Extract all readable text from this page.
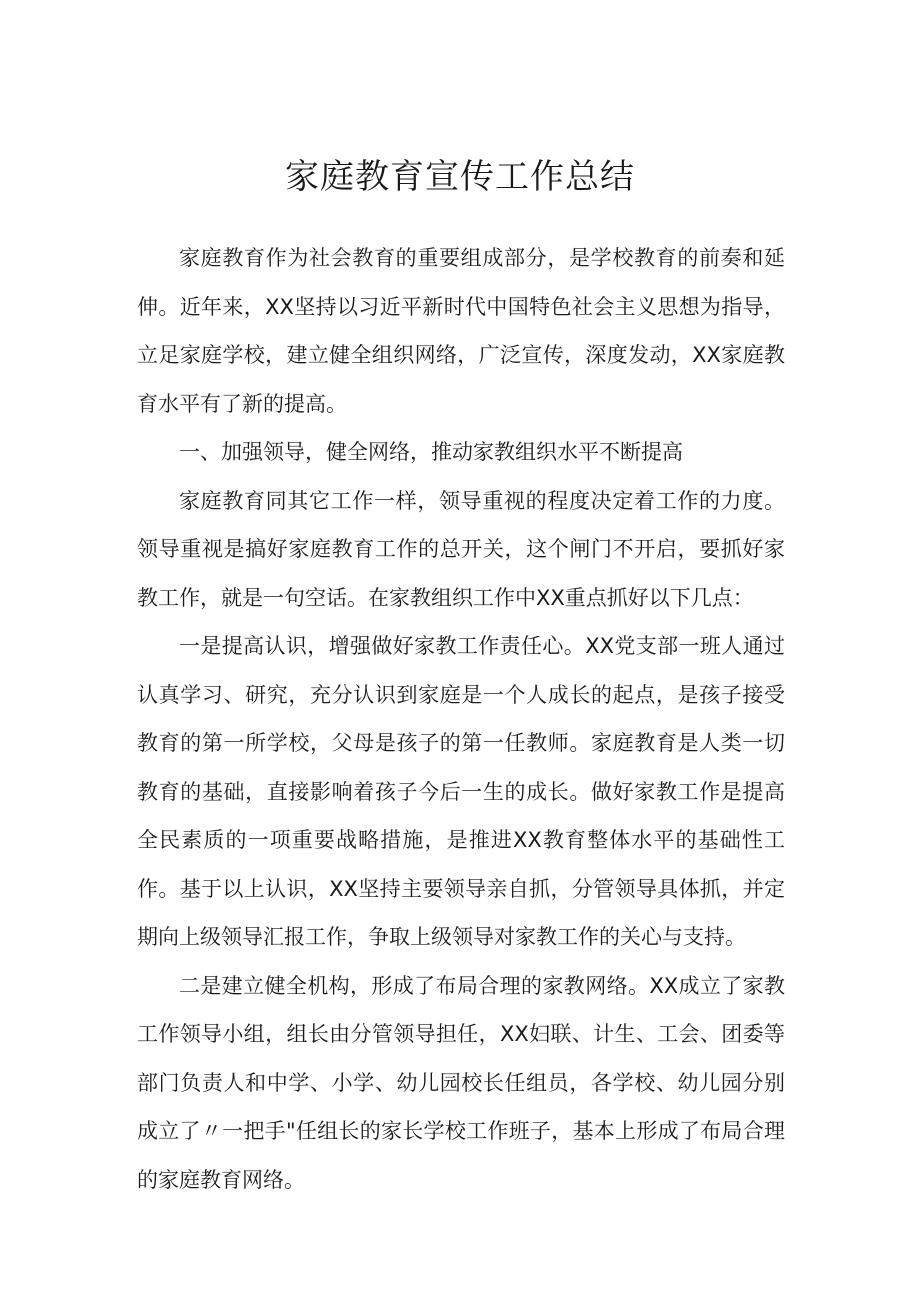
家庭教育宣传工作总结

家庭教育作为社会教育的重要组成部分，是学校教育的前奏和延伸。近年来，XX坚持以习近平新时代中国特色社会主义思想为指导，立足家庭学校，建立健全组织网络，广泛宣传，深度发动，XX家庭教育水平有了新的提高。

一、加强领导，健全网络，推动家教组织水平不断提高

家庭教育同其它工作一样，领导重视的程度决定着工作的力度。领导重视是搞好家庭教育工作的总开关，这个闸门不开启，要抓好家教工作，就是一句空话。在家教组织工作中XX重点抓好以下几点：

一是提高认识，增强做好家教工作责任心。XX党支部一班人通过认真学习、研究，充分认识到家庭是一个人成长的起点，是孩子接受教育的第一所学校，父母是孩子的第一任教师。家庭教育是人类一切教育的基础，直接影响着孩子今后一生的成长。做好家教工作是提高全民素质的一项重要战略措施，是推进XX教育整体水平的基础性工作。基于以上认识，XX坚持主要领导亲自抓，分管领导具体抓，并定期向上级领导汇报工作，争取上级领导对家教工作的关心与支持。

二是建立健全机构，形成了布局合理的家教网络。XX成立了家教工作领导小组，组长由分管领导担任，XX妇联、计生、工会、团委等部门负责人和中学、小学、幼儿园校长任组员，各学校、幼儿园分别成立了〃一把手"任组长的家长学校工作班子，基本上形成了布局合理的家庭教育网络。
